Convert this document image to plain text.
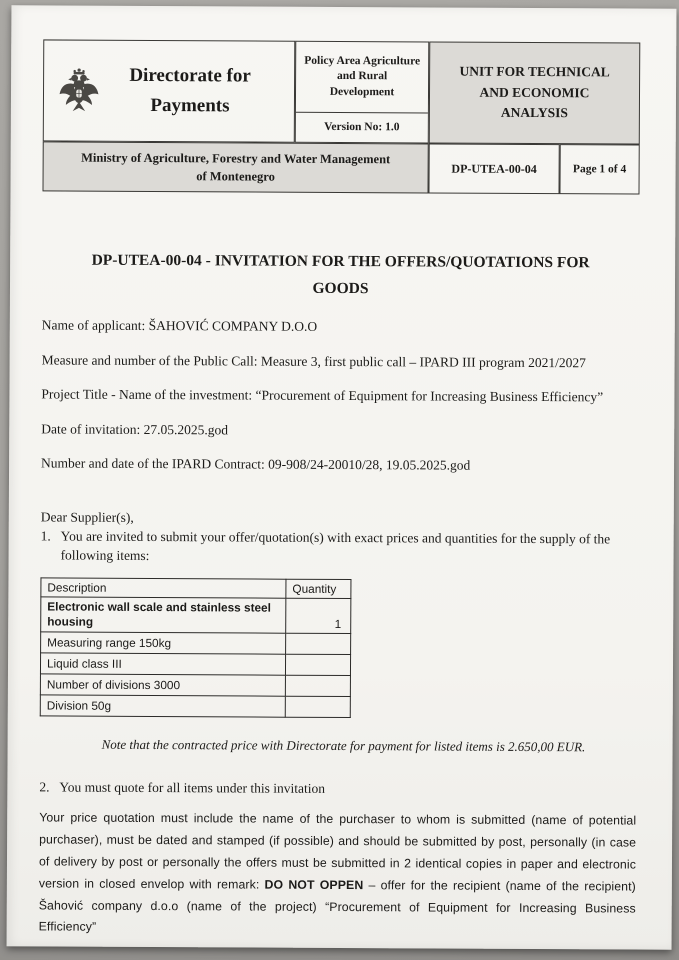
Directorate for Payments
Policy Area Agriculture and Rural Development
Version No: 1.0
UNIT FOR TECHNICAL AND ECONOMIC ANALYSIS
Ministry of Agriculture, Forestry and Water Management of Montenegro
DP-UTEA-00-04	Page 1 of 4
DP-UTEA-00-04 - INVITATION FOR THE OFFERS/QUOTATIONS FOR GOODS

Name of applicant: ŠAHOVIĆ COMPANY D.O.O

Measure and number of the Public Call: Measure 3, first public call – IPARD III program 2021/2027

Project Title - Name of the investment: “Procurement of Equipment for Increasing Business Efficiency”

Date of invitation: 27.05.2025.god

Number and date of the IPARD Contract: 09-908/24-20010/28, 19.05.2025.god

Dear Supplier(s),

1. You are invited to submit your offer/quotation(s) with exact prices and quantities for the supply of the following items:
Description	Quantity
Electronic wall scale and stainless steel housing	1
Measuring range 150kg	
Liquid class III	
Number of divisions 3000	
Division 50g	

Note that the contracted price with Directorate for payment for listed items is 2.650,00 EUR.

2. You must quote for all items under this invitation

Your price quotation must include the name of the purchaser to whom is submitted (name of potential purchaser), must be dated and stamped (if possible) and should be submitted by post, personally (in case of delivery by post or personally the offers must be submitted in 2 identical copies in paper and electronic version in closed envelop with remark: DO NOT OPPEN – offer for the recipient (name of the recipient) Šahović company d.o.o (name of the project) “Procurement of Equipment for Increasing Business Efficiency”
